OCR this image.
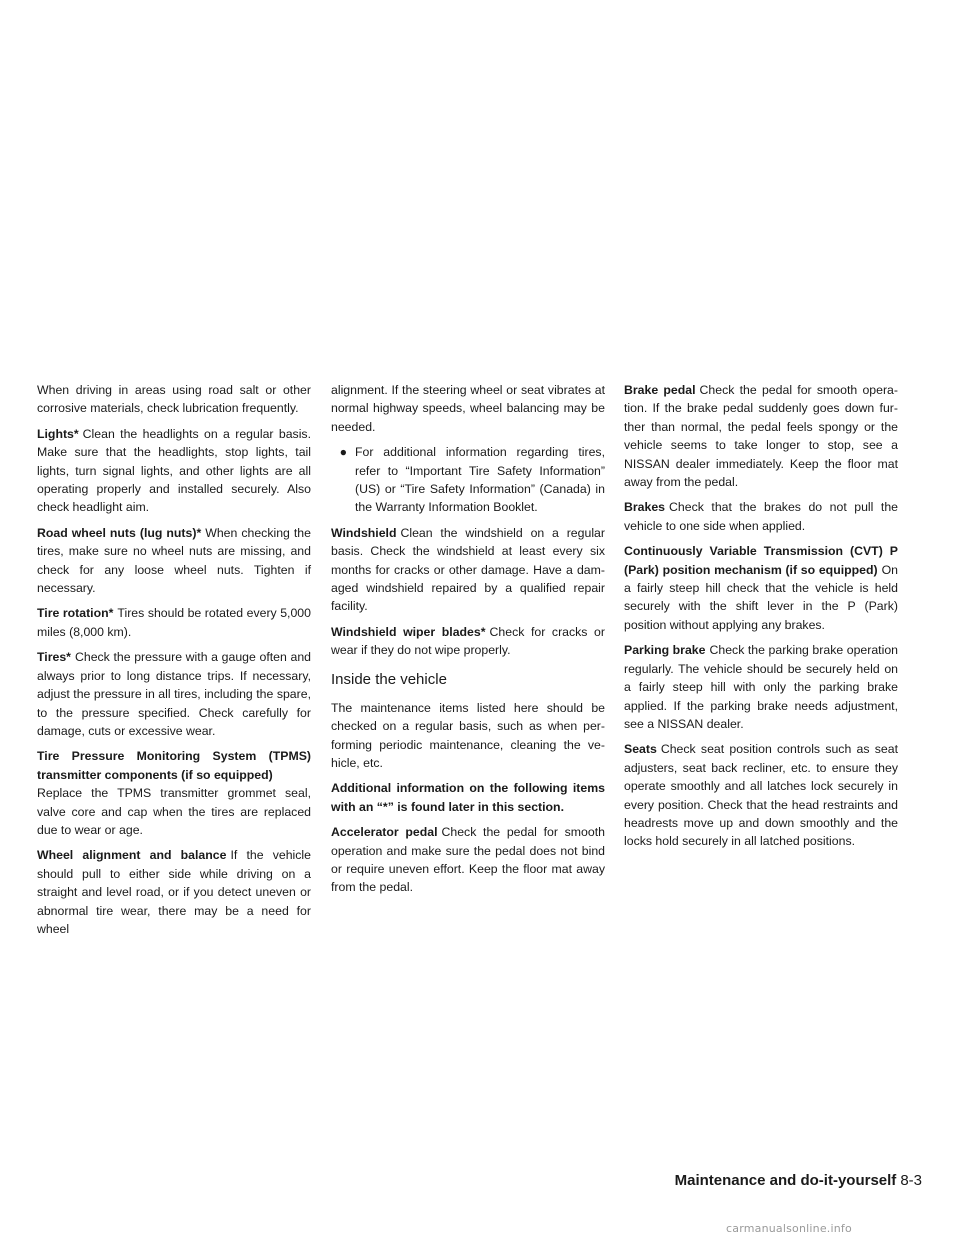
When driving in areas using road salt or other corrosive materials, check lubrication frequently.

Lights* Clean the headlights on a regular basis. Make sure that the headlights, stop lights, tail lights, turn signal lights, and other lights are all operating properly and installed securely. Also check headlight aim.

Road wheel nuts (lug nuts)* When checking the tires, make sure no wheel nuts are missing, and check for any loose wheel nuts. Tighten if necessary.

Tire rotation* Tires should be rotated every 5,000 miles (8,000 km).

Tires* Check the pressure with a gauge often and always prior to long distance trips. If necessary, adjust the pressure in all tires, including the spare, to the pressure specified. Check carefully for damage, cuts or excessive wear.

Tire Pressure Monitoring System (TPMS) transmitter components (if so equipped)
Replace the TPMS transmitter grommet seal, valve core and cap when the tires are replaced due to wear or age.

Wheel alignment and balance If the vehicle should pull to either side while driving on a straight and level road, or if you detect uneven or abnormal tire wear, there may be a need for wheel

alignment. If the steering wheel or seat vibrates at normal highway speeds, wheel balancing may be needed.

● For additional information regarding tires, refer to “Important Tire Safety Information” (US) or “Tire Safety Information” (Canada) in the Warranty Information Booklet.

Windshield Clean the windshield on a regular basis. Check the windshield at least every six months for cracks or other damage. Have a damaged windshield repaired by a qualified repair facility.

Windshield wiper blades* Check for cracks or wear if they do not wipe properly.

Inside the vehicle

The maintenance items listed here should be checked on a regular basis, such as when performing periodic maintenance, cleaning the vehicle, etc.

Additional information on the following items with an “*” is found later in this section.

Accelerator pedal Check the pedal for smooth operation and make sure the pedal does not bind or require uneven effort. Keep the floor mat away from the pedal.

Brake pedal Check the pedal for smooth operation. If the brake pedal suddenly goes down further than normal, the pedal feels spongy or the vehicle seems to take longer to stop, see a NISSAN dealer immediately. Keep the floor mat away from the pedal.

Brakes Check that the brakes do not pull the vehicle to one side when applied.

Continuously Variable Transmission (CVT) P (Park) position mechanism (if so equipped) On a fairly steep hill check that the vehicle is held securely with the shift lever in the P (Park) position without applying any brakes.

Parking brake Check the parking brake operation regularly. The vehicle should be securely held on a fairly steep hill with only the parking brake applied. If the parking brake needs adjustment, see a NISSAN dealer.

Seats Check seat position controls such as seat adjusters, seat back recliner, etc. to ensure they operate smoothly and all latches lock securely in every position. Check that the head restraints and headrests move up and down smoothly and the locks hold securely in all latched positions.

Maintenance and do-it-yourself 8-3
carmanualsonline.info
